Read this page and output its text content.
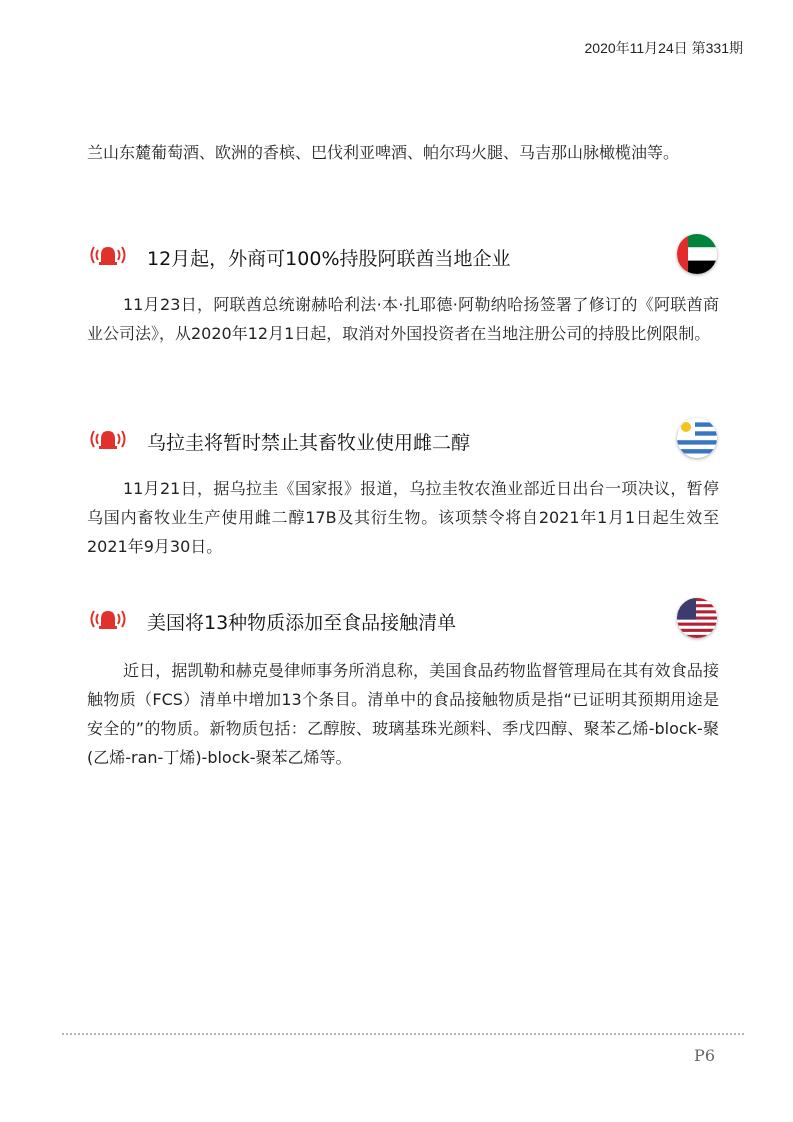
2020年11月24日 第331期

兰山东麓葡萄酒、欧洲的香槟、巴伐利亚啤酒、帕尔玛火腿、马吉那山脉橄榄油等。

12月起，外商可100%持股阿联酋当地企业

11月23日，阿联酋总统谢赫哈利法·本·扎耶德·阿勒纳哈扬签署了修订的《阿联酋商业公司法》，从2020年12月1日起，取消对外国投资者在当地注册公司的持股比例限制。

乌拉圭将暂时禁止其畜牧业使用雌二醇

11月21日，据乌拉圭《国家报》报道，乌拉圭牧农渔业部近日出台一项决议，暂停乌国内畜牧业生产使用雌二醇17B及其衍生物。该项禁令将自2021年1月1日起生效至2021年9月30日。

美国将13种物质添加至食品接触清单

近日，据凯勒和赫克曼律师事务所消息称，美国食品药物监督管理局在其有效食品接触物质（FCS）清单中增加13个条目。清单中的食品接触物质是指“已证明其预期用途是安全的”的物质。新物质包括：乙醇胺、玻璃基珠光颜料、季戊四醇、聚苯乙烯-block-聚(乙烯-ran-丁烯)-block-聚苯乙烯等。

P6
